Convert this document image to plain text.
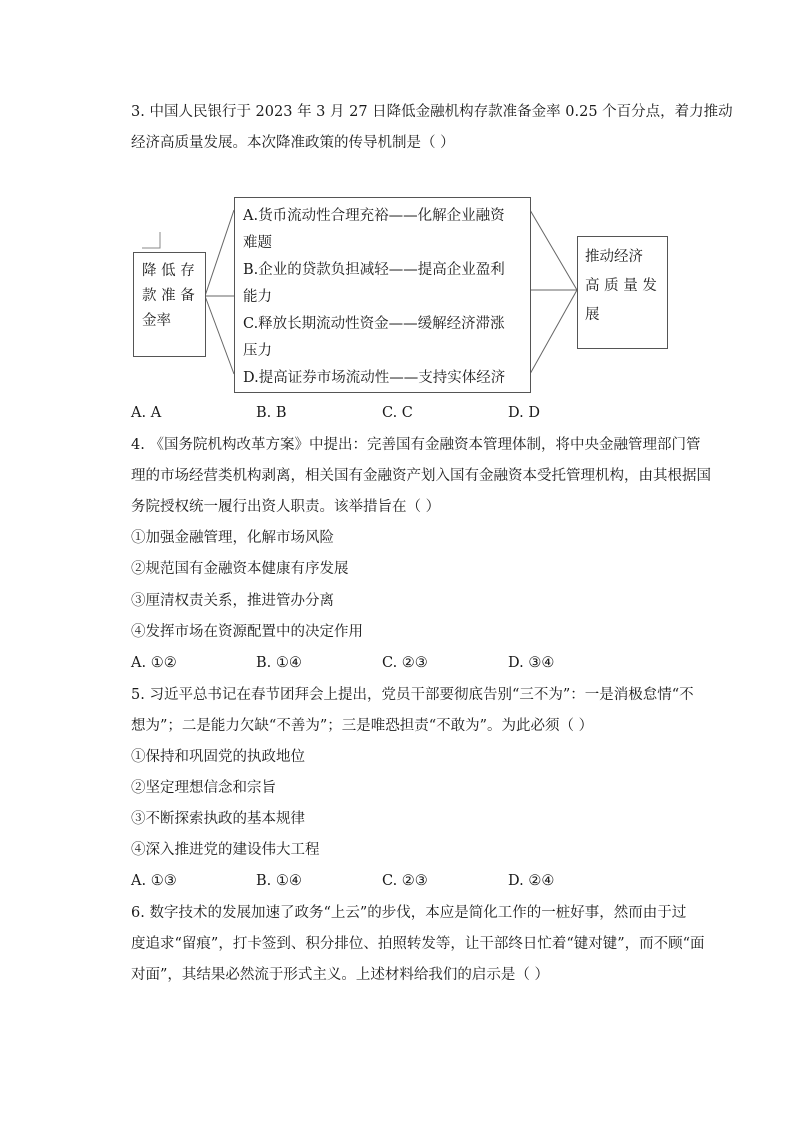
3. 中国人民银行于 2023 年 3 月 27 日降低金融机构存款准备金率 0.25 个百分点，着力推动
经济高质量发展。本次降准政策的传导机制是（ ）
降 低 存
款 准 备
金率
A.货币流动性合理充裕——化解企业融资
难题
B.企业的贷款负担减轻——提高企业盈利
能力
C.释放长期流动性资金——缓解经济滞涨
压力
D.提高证券市场流动性——支持实体经济
推动经济
高 质 量 发
展
A. A	B. B	C. C	D. D
4. 《国务院机构改革方案》中提出：完善国有金融资本管理体制，将中央金融管理部门管
理的市场经营类机构剥离，相关国有金融资产划入国有金融资本受托管理机构，由其根据国
务院授权统一履行出资人职责。该举措旨在（ ）
①加强金融管理，化解市场风险
②规范国有金融资本健康有序发展
③厘清权责关系，推进管办分离
④发挥市场在资源配置中的决定作用
A. ①②	B. ①④	C. ②③	D. ③④
5. 习近平总书记在春节团拜会上提出，党员干部要彻底告别“三不为”：一是消极怠情“不
想为”；二是能力欠缺“不善为”；三是唯恐担责“不敢为”。为此必须（ ）
①保持和巩固党的执政地位
②坚定理想信念和宗旨
③不断探索执政的基本规律
④深入推进党的建设伟大工程
A. ①③	B. ①④	C. ②③	D. ②④
6. 数字技术的发展加速了政务“上云”的步伐，本应是简化工作的一桩好事，然而由于过
度追求“留痕”，打卡签到、积分排位、拍照转发等，让干部终日忙着“键对键”，而不顾“面
对面”，其结果必然流于形式主义。上述材料给我们的启示是（ ）
